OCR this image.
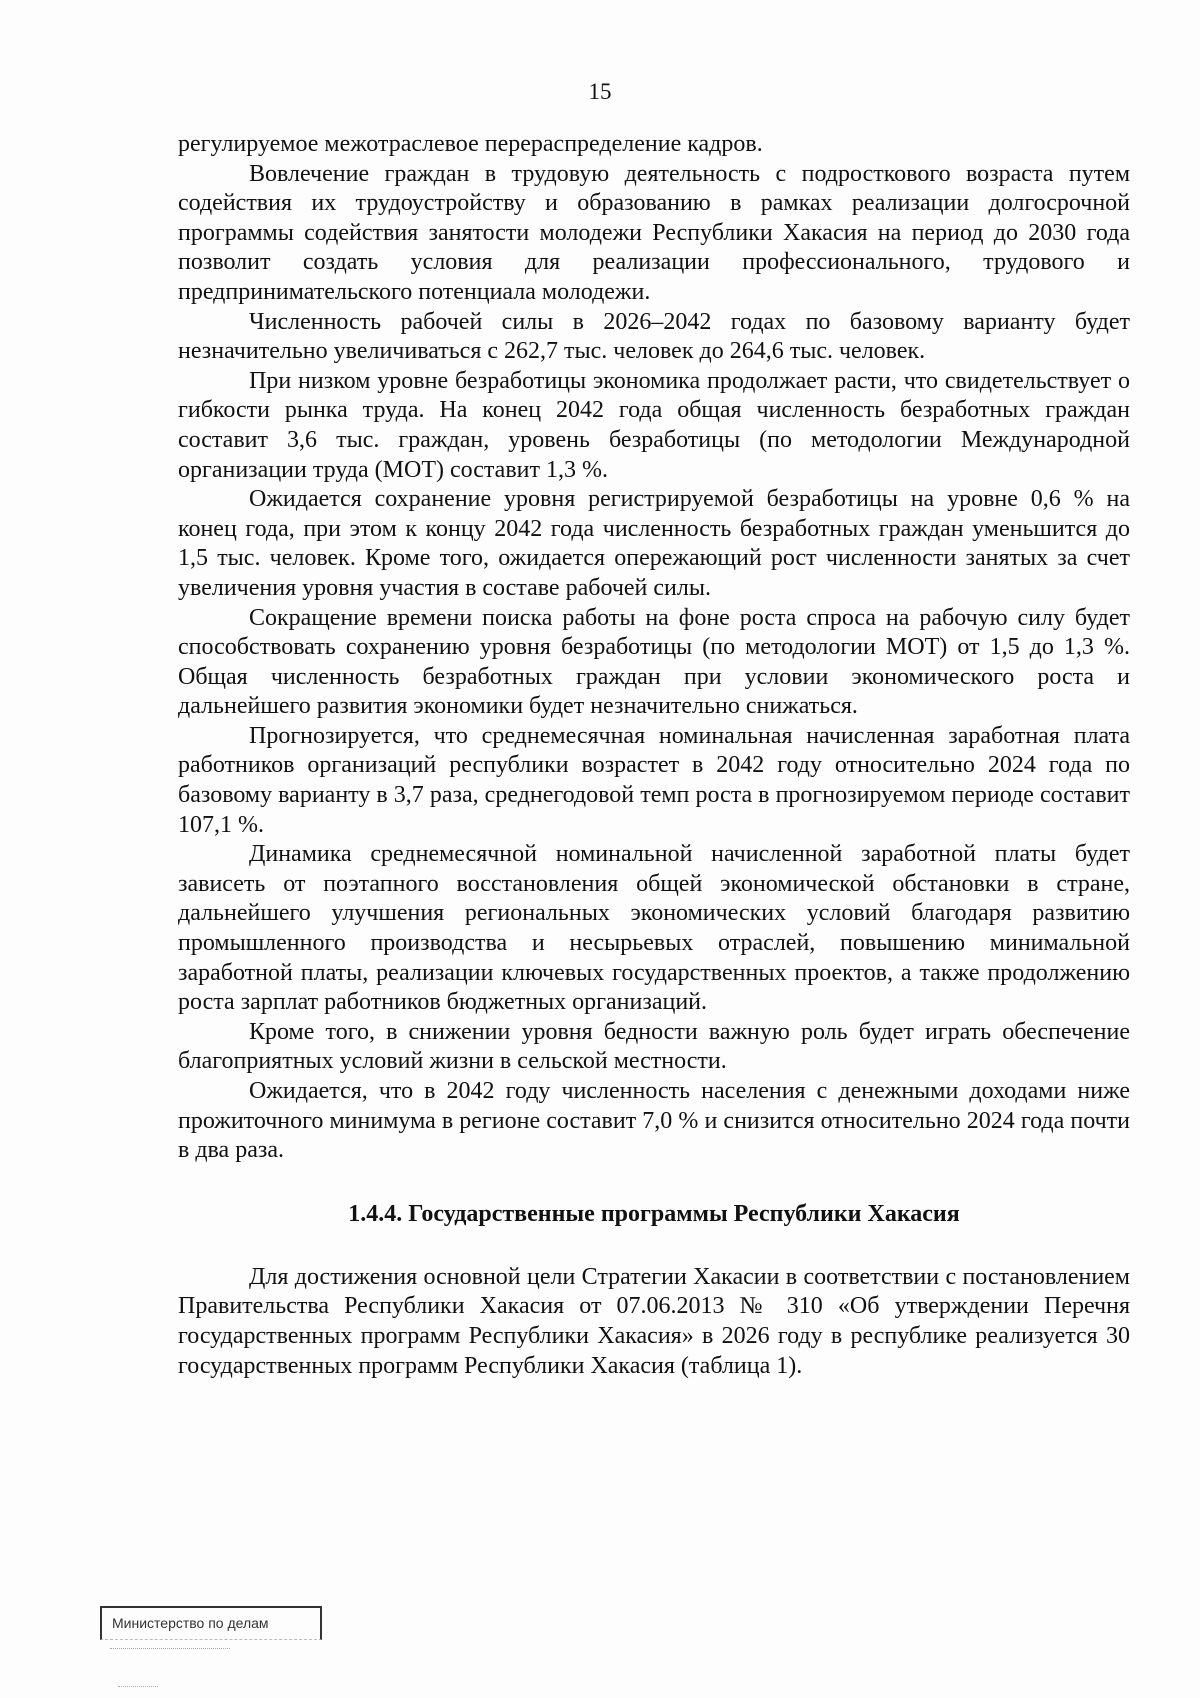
15

регулируемое межотраслевое перераспределение кадров.

Вовлечение граждан в трудовую деятельность с подросткового возраста путем содействия их трудоустройству и образованию в рамках реализации долгосрочной программы содействия занятости молодежи Республики Хакасия на период до 2030 года позволит создать условия для реализации профессионального, трудового и предпринимательского потенциала молодежи.

Численность рабочей силы в 2026–2042 годах по базовому варианту будет незначительно увеличиваться с 262,7 тыс. человек до 264,6 тыс. человек.

При низком уровне безработицы экономика продолжает расти, что свидетельствует о гибкости рынка труда. На конец 2042 года общая численность безработных граждан составит 3,6 тыс. граждан, уровень безработицы (по методологии Международной организации труда (МОТ) составит 1,3 %.

Ожидается сохранение уровня регистрируемой безработицы на уровне 0,6 % на конец года, при этом к концу 2042 года численность безработных граждан уменьшится до 1,5 тыс. человек. Кроме того, ожидается опережающий рост численности занятых за счет увеличения уровня участия в составе рабочей силы.

Сокращение времени поиска работы на фоне роста спроса на рабочую силу будет способствовать сохранению уровня безработицы (по методологии МОТ) от 1,5 до 1,3 %. Общая численность безработных граждан при условии экономического роста и дальнейшего развития экономики будет незначительно снижаться.

Прогнозируется, что среднемесячная номинальная начисленная заработная плата работников организаций республики возрастет в 2042 году относительно 2024 года по базовому варианту в 3,7 раза, среднегодовой темп роста в прогнозируемом периоде составит 107,1 %.

Динамика среднемесячной номинальной начисленной заработной платы будет зависеть от поэтапного восстановления общей экономической обстановки в стране, дальнейшего улучшения региональных экономических условий благодаря развитию промышленного производства и несырьевых отраслей, повышению минимальной заработной платы, реализации ключевых государственных проектов, а также продолжению роста зарплат работников бюджетных организаций.

Кроме того, в снижении уровня бедности важную роль будет играть обеспечение благоприятных условий жизни в сельской местности.

Ожидается, что в 2042 году численность населения с денежными доходами ниже прожиточного минимума в регионе составит 7,0 % и снизится относительно 2024 года почти в два раза.

1.4.4. Государственные программы Республики Хакасия

Для достижения основной цели Стратегии Хакасии в соответствии с постановлением Правительства Республики Хакасия от 07.06.2013 № 310 «Об утверждении Перечня государственных программ Республики Хакасия» в 2026 году в республике реализуется 30 государственных программ Республики Хакасия (таблица 1).

Министерство по делам
